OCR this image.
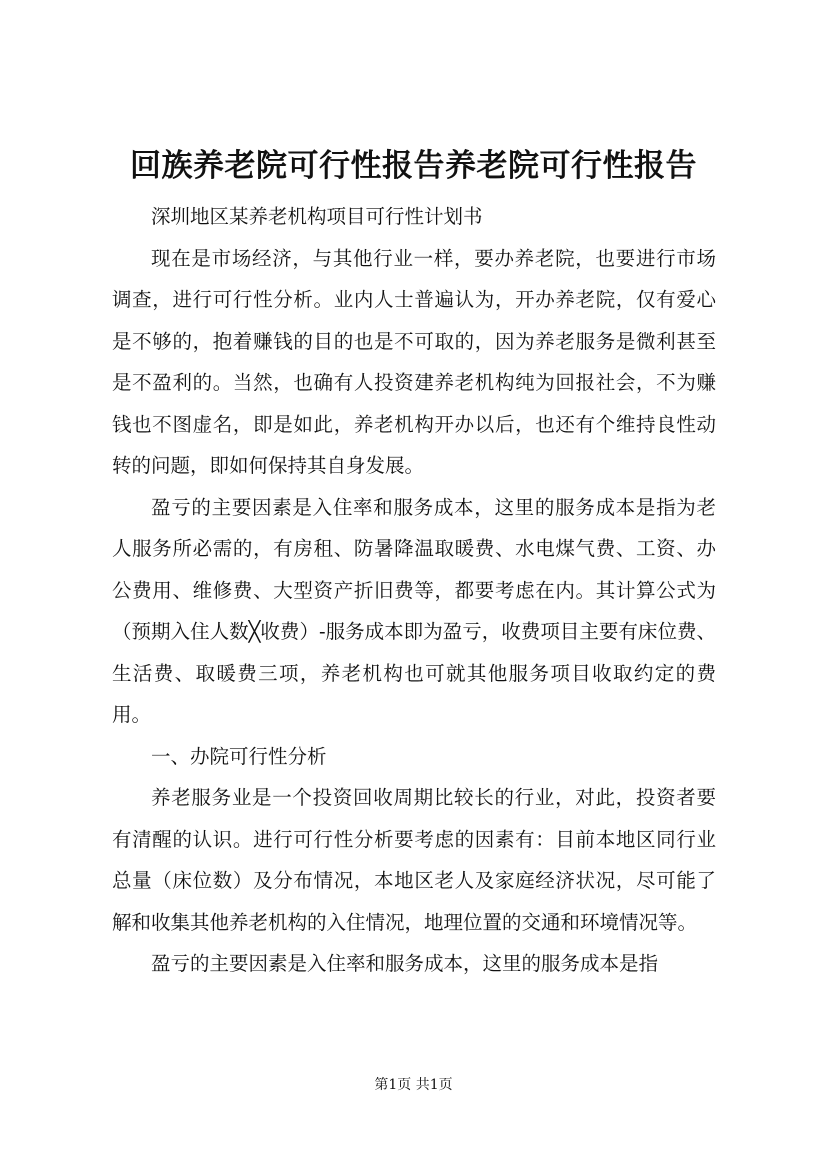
回族养老院可行性报告养老院可行性报告

深圳地区某养老机构项目可行性计划书

现在是市场经济，与其他行业一样，要办养老院，也要进行市场调查，进行可行性分析。业内人士普遍认为，开办养老院，仅有爱心是不够的，抱着赚钱的目的也是不可取的，因为养老服务是微利甚至是不盈利的。当然，也确有人投资建养老机构纯为回报社会，不为赚钱也不图虚名，即是如此，养老机构开办以后，也还有个维持良性动转的问题，即如何保持其自身发展。

盈亏的主要因素是入住率和服务成本，这里的服务成本是指为老人服务所必需的，有房租、防暑降温取暖费、水电煤气费、工资、办公费用、维修费、大型资产折旧费等，都要考虑在内。其计算公式为（预期入住人数╳收费）-服务成本即为盈亏，收费项目主要有床位费、生活费、取暖费三项，养老机构也可就其他服务项目收取约定的费用。

一、办院可行性分析

养老服务业是一个投资回收周期比较长的行业，对此，投资者要有清醒的认识。进行可行性分析要考虑的因素有：目前本地区同行业总量（床位数）及分布情况，本地区老人及家庭经济状况，尽可能了解和收集其他养老机构的入住情况，地理位置的交通和环境情况等。

盈亏的主要因素是入住率和服务成本，这里的服务成本是指

第1页 共1页
